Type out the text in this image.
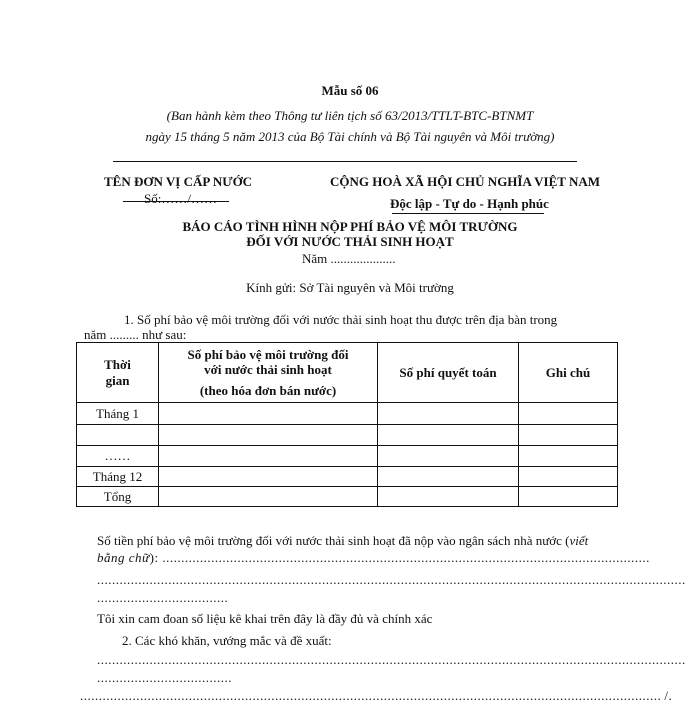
Mẫu số 06
(Ban hành kèm theo Thông tư liên tịch số 63/2013/TTLT-BTC-BTNMT
ngày 15 tháng 5 năm 2013 của Bộ Tài chính và Bộ Tài nguyên và Môi trường)
TÊN ĐƠN VỊ CẤP NƯỚC
Số:……/……
CỘNG HOÀ XÃ HỘI CHỦ NGHĨA VIỆT NAM
Độc lập - Tự do - Hạnh phúc
BÁO CÁO TÌNH HÌNH NỘP PHÍ BẢO VỆ MÔI TRƯỜNG
ĐỐI VỚI NƯỚC THẢI SINH HOẠT
Năm ....................
Kính gửi: Sở Tài nguyên và Môi trường
1. Số phí bảo vệ môi trường đối với nước thải sinh hoạt thu được trên địa bàn trong
năm ......... như sau:
Thời gian	Số phí bảo vệ môi trường đối
với nước thải sinh hoạt
(theo hóa đơn bán nước)	Số phí quyết toán	Ghi chú
Tháng 1			

……			
Tháng 12			
Tổng			
Số tiền phí bảo vệ môi trường đối với nước thải sinh hoạt đã nộp vào ngân sách nhà nước (viết
bằng chữ): ..................................................................................................................................
.............................................................................................................................................................
...................................
Tôi xin cam đoan số liệu kê khai trên đây là đầy đủ và chính xác
2. Các khó khăn, vướng mắc và đề xuất:
.............................................................................................................................................................
....................................
........................................................................................................................................................... /.
